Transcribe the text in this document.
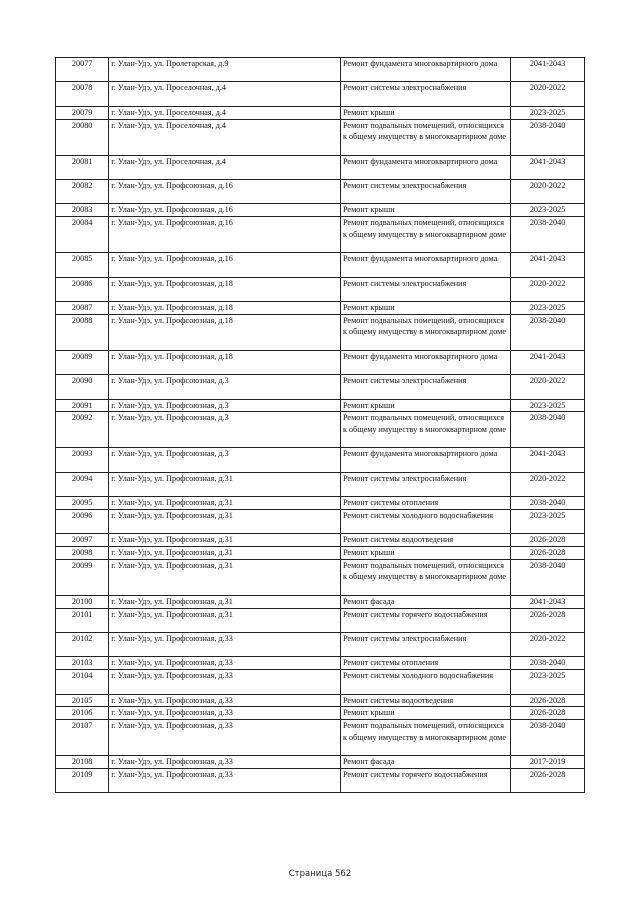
20077	г. Улан-Удэ, ул. Пролетарская, д.9	Ремонт фундамента многоквартирного дома	2041-2043
20078	г. Улан-Удэ, ул. Проселочная, д.4	Ремонт системы электроснабжения	2020-2022
20079	г. Улан-Удэ, ул. Проселочная, д.4	Ремонт крыши	2023-2025
20080	г. Улан-Удэ, ул. Проселочная, д.4	Ремонт подвальных помещений, относящихся к общему имуществу в многоквартирном доме	2038-2040
20081	г. Улан-Удэ, ул. Проселочная, д.4	Ремонт фундамента многоквартирного дома	2041-2043
20082	г. Улан-Удэ, ул. Профсоюзная, д.16	Ремонт системы электроснабжения	2020-2022
20083	г. Улан-Удэ, ул. Профсоюзная, д.16	Ремонт крыши	2023-2025
20084	г. Улан-Удэ, ул. Профсоюзная, д.16	Ремонт подвальных помещений, относящихся к общему имуществу в многоквартирном доме	2038-2040
20085	г. Улан-Удэ, ул. Профсоюзная, д.16	Ремонт фундамента многоквартирного дома	2041-2043
20086	г. Улан-Удэ, ул. Профсоюзная, д.18	Ремонт системы электроснабжения	2020-2022
20087	г. Улан-Удэ, ул. Профсоюзная, д.18	Ремонт крыши	2023-2025
20088	г. Улан-Удэ, ул. Профсоюзная, д.18	Ремонт подвальных помещений, относящихся к общему имуществу в многоквартирном доме	2038-2040
20089	г. Улан-Удэ, ул. Профсоюзная, д.18	Ремонт фундамента многоквартирного дома	2041-2043
20090	г. Улан-Удэ, ул. Профсоюзная, д.3	Ремонт системы электроснабжения	2020-2022
20091	г. Улан-Удэ, ул. Профсоюзная, д.3	Ремонт крыши	2023-2025
20092	г. Улан-Удэ, ул. Профсоюзная, д.3	Ремонт подвальных помещений, относящихся к общему имуществу в многоквартирном доме	2038-2040
20093	г. Улан-Удэ, ул. Профсоюзная, д.3	Ремонт фундамента многоквартирного дома	2041-2043
20094	г. Улан-Удэ, ул. Профсоюзная, д.31	Ремонт системы электроснабжения	2020-2022
20095	г. Улан-Удэ, ул. Профсоюзная, д.31	Ремонт системы отопления	2038-2040
20096	г. Улан-Удэ, ул. Профсоюзная, д.31	Ремонт системы холодного водоснабжения	2023-2025
20097	г. Улан-Удэ, ул. Профсоюзная, д.31	Ремонт системы водоотведения	2026-2028
20098	г. Улан-Удэ, ул. Профсоюзная, д.31	Ремонт крыши	2026-2028
20099	г. Улан-Удэ, ул. Профсоюзная, д.31	Ремонт подвальных помещений, относящихся к общему имуществу в многоквартирном доме	2038-2040
20100	г. Улан-Удэ, ул. Профсоюзная, д.31	Ремонт фасада	2041-2043
20101	г. Улан-Удэ, ул. Профсоюзная, д.31	Ремонт системы горячего водоснабжения	2026-2028
20102	г. Улан-Удэ, ул. Профсоюзная, д.33	Ремонт системы электроснабжения	2020-2022
20103	г. Улан-Удэ, ул. Профсоюзная, д.33	Ремонт системы отопления	2038-2040
20104	г. Улан-Удэ, ул. Профсоюзная, д.33	Ремонт системы холодного водоснабжения	2023-2025
20105	г. Улан-Удэ, ул. Профсоюзная, д.33	Ремонт системы водоотведения	2026-2028
20106	г. Улан-Удэ, ул. Профсоюзная, д.33	Ремонт крыши	2026-2028
20107	г. Улан-Удэ, ул. Профсоюзная, д.33	Ремонт подвальных помещений, относящихся к общему имуществу в многоквартирном доме	2038-2040
20108	г. Улан-Удэ, ул. Профсоюзная, д.33	Ремонт фасада	2017-2019
20109	г. Улан-Удэ, ул. Профсоюзная, д.33	Ремонт системы горячего водоснабжения	2026-2028
Страница 562
